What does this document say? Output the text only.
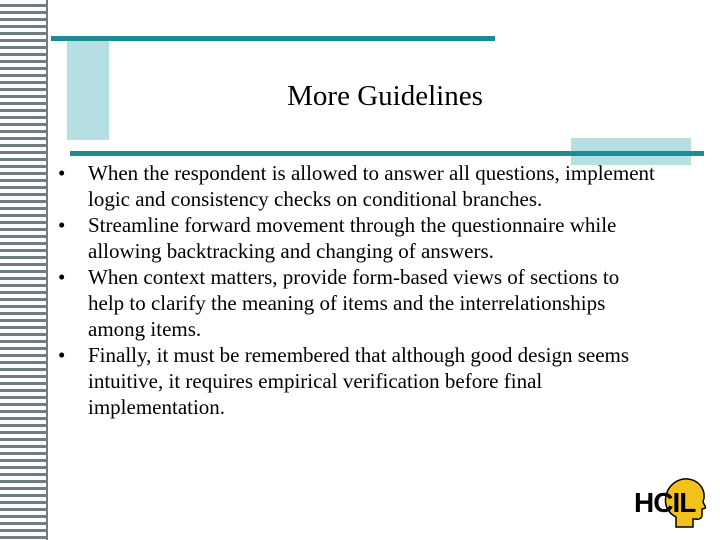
More Guidelines
• When the respondent is allowed to answer all questions, implement logic and consistency checks on conditional branches.
• Streamline forward movement through the questionnaire while allowing backtracking and changing of answers.
• When context matters, provide form-based views of sections to help to clarify the meaning of items and the interrelationships among items.
• Finally, it must be remembered that although good design seems intuitive, it requires empirical verification before final implementation.
HCIL
